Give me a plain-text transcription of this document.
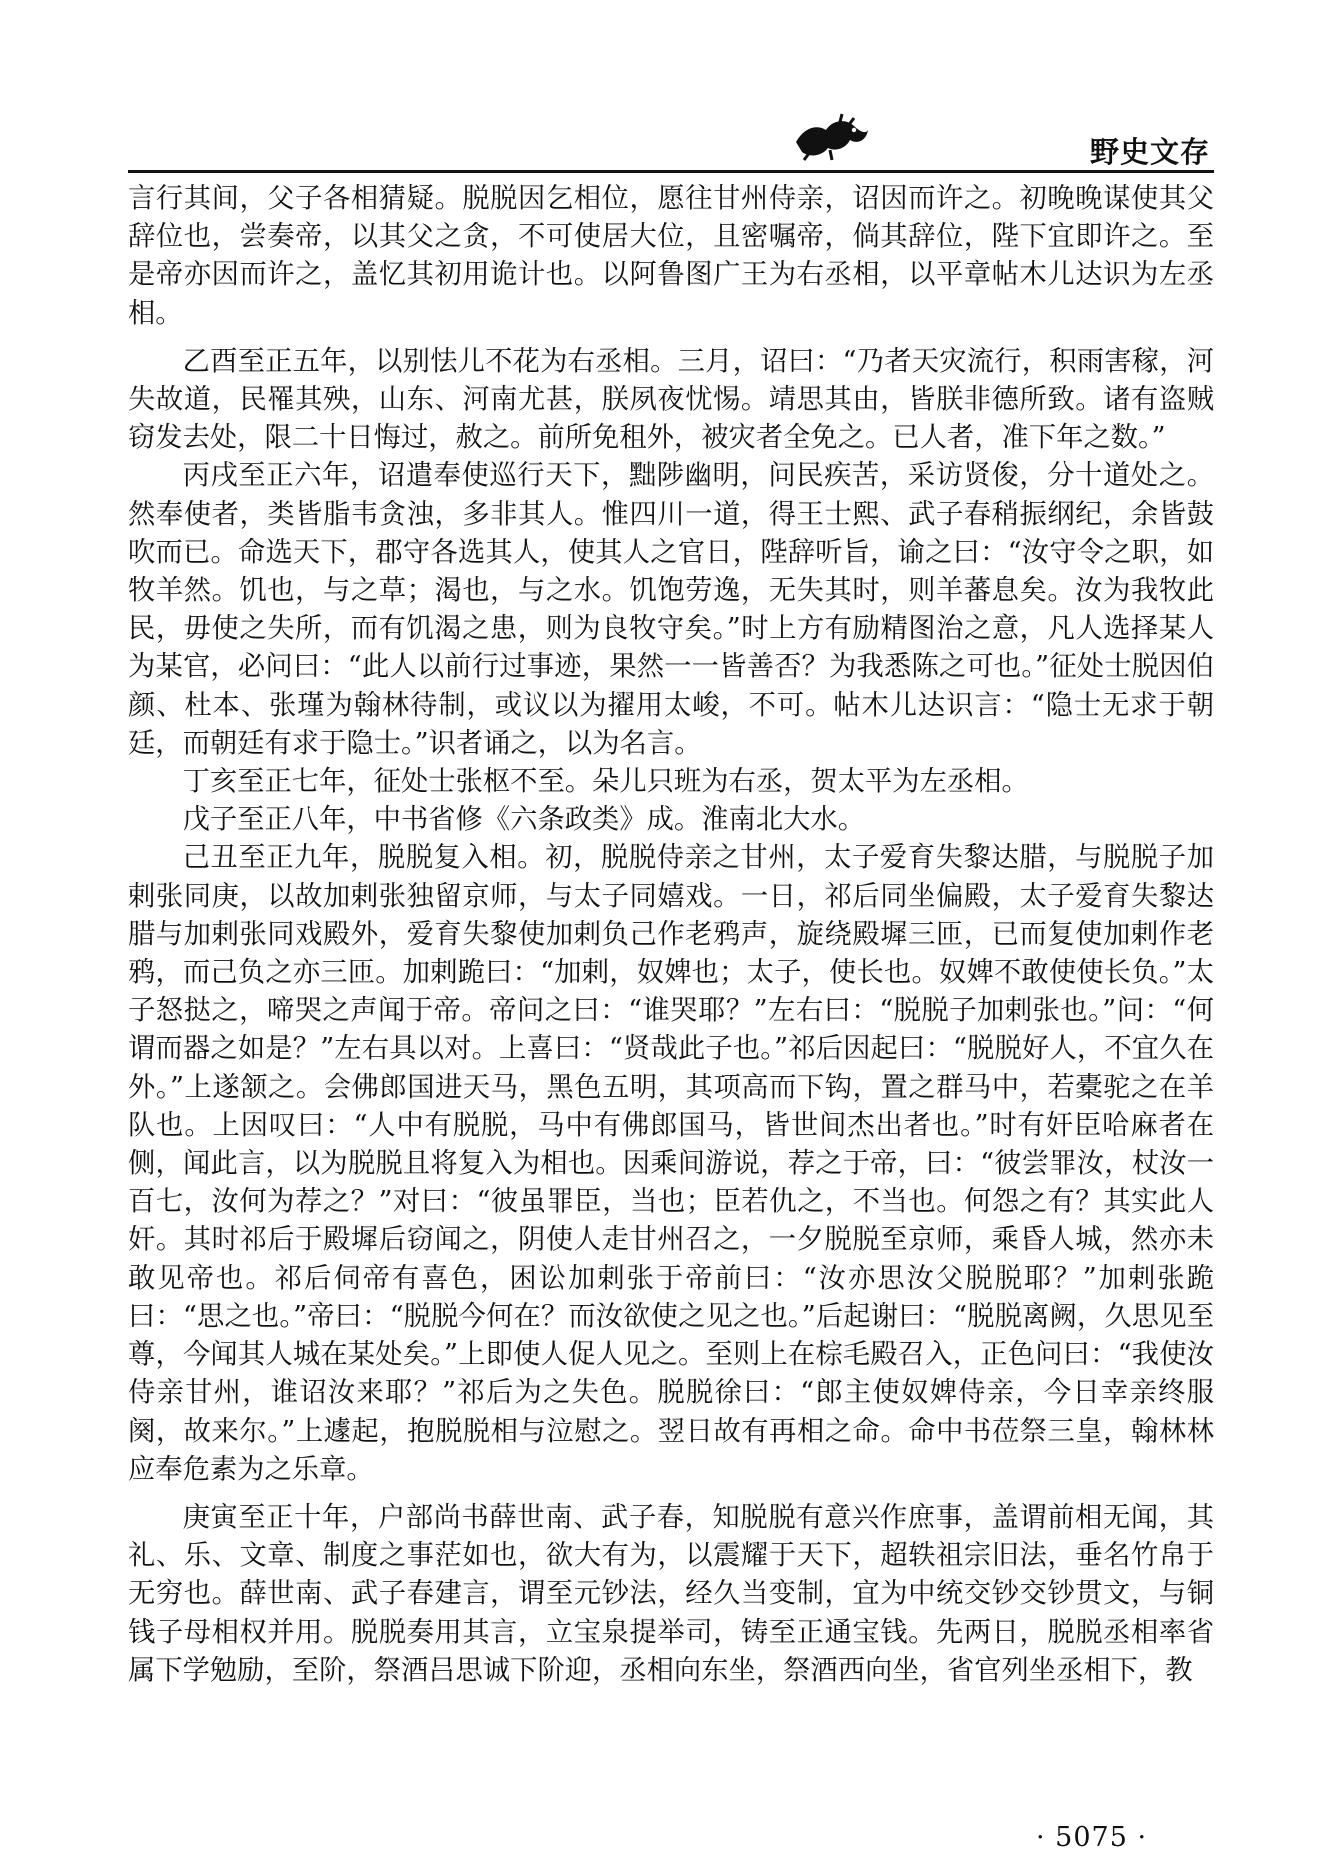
野史文存

言行其间，父子各相猜疑。脱脱因乞相位，愿往甘州侍亲，诏因而许之。初晚晚谋使其父辞位也，尝奏帝，以其父之贪，不可使居大位，且密嘱帝，倘其辞位，陛下宜即许之。至是帝亦因而许之，盖忆其初用诡计也。以阿鲁图广王为右丞相，以平章帖木儿达识为左丞相。

乙酉至正五年，以别怯儿不花为右丞相。三月，诏曰：“乃者天灾流行，积雨害稼，河失故道，民罹其殃，山东、河南尤甚，朕夙夜忧惕。靖思其由，皆朕非德所致。诸有盗贼窃发去处，限二十日悔过，赦之。前所免租外，被灾者全免之。已人者，准下年之数。”

丙戌至正六年，诏遣奉使巡行天下，黜陟幽明，问民疾苦，采访贤俊，分十道处之。然奉使者，类皆脂韦贪浊，多非其人。惟四川一道，得王士熙、武子春稍振纲纪，余皆鼓吹而已。命选天下，郡守各选其人，使其人之官日，陛辞听旨，谕之曰：“汝守令之职，如牧羊然。饥也，与之草；渴也，与之水。饥饱劳逸，无失其时，则羊蕃息矣。汝为我牧此民，毋使之失所，而有饥渴之患，则为良牧守矣。”时上方有励精图治之意，凡人选择某人为某官，必问曰：“此人以前行过事迹，果然一一皆善否？为我悉陈之可也。”征处士脱因伯颜、杜本、张瑾为翰林待制，或议以为擢用太峻，不可。帖木儿达识言：“隐士无求于朝廷，而朝廷有求于隐士。”识者诵之，以为名言。

丁亥至正七年，征处士张枢不至。朵儿只班为右丞，贺太平为左丞相。

戊子至正八年，中书省修《六条政类》成。淮南北大水。

己丑至正九年，脱脱复入相。初，脱脱侍亲之甘州，太子爱育失黎达腊，与脱脱子加剌张同庚，以故加剌张独留京师，与太子同嬉戏。一日，祁后同坐偏殿，太子爱育失黎达腊与加剌张同戏殿外，爱育失黎使加剌负己作老鸦声，旋绕殿墀三匝，已而复使加剌作老鸦，而己负之亦三匝。加剌跪曰：“加剌，奴婢也；太子，使长也。奴婢不敢使使长负。”太子怒挞之，啼哭之声闻于帝。帝问之曰：“谁哭耶？”左右曰：“脱脱子加剌张也。”问：“何谓而器之如是？”左右具以对。上喜曰：“贤哉此子也。”祁后因起曰：“脱脱好人，不宜久在外。”上遂颔之。会佛郎国进天马，黑色五明，其项高而下钩，置之群马中，若橐驼之在羊队也。上因叹曰：“人中有脱脱，马中有佛郎国马，皆世间杰出者也。”时有奸臣哈麻者在侧，闻此言，以为脱脱且将复入为相也。因乘间游说，荐之于帝，曰：“彼尝罪汝，杖汝一百七，汝何为荐之？”对曰：“彼虽罪臣，当也；臣若仇之，不当也。何怨之有？其实此人奸。其时祁后于殿墀后窃闻之，阴使人走甘州召之，一夕脱脱至京师，乘昏人城，然亦未敢见帝也。祁后伺帝有喜色，困讼加剌张于帝前曰：“汝亦思汝父脱脱耶？”加剌张跪曰：“思之也。”帝曰：“脱脱今何在？而汝欲使之见之也。”后起谢曰：“脱脱离阙，久思见至尊，今闻其人城在某处矣。”上即使人促人见之。至则上在棕毛殿召入，正色问曰：“我使汝侍亲甘州，谁诏汝来耶？”祁后为之失色。脱脱徐曰：“郎主使奴婢侍亲，今日幸亲终服阕，故来尔。”上遽起，抱脱脱相与泣慰之。翌日故有再相之命。命中书莅祭三皇，翰林林应奉危素为之乐章。

庚寅至正十年，户部尚书薛世南、武子春，知脱脱有意兴作庶事，盖谓前相无闻，其礼、乐、文章、制度之事茫如也，欲大有为，以震耀于天下，超轶祖宗旧法，垂名竹帛于无穷也。薛世南、武子春建言，谓至元钞法，经久当变制，宜为中统交钞交钞贯文，与铜钱子母相权并用。脱脱奏用其言，立宝泉提举司，铸至正通宝钱。先两日，脱脱丞相率省属下学勉励，至阶，祭酒吕思诚下阶迎，丞相向东坐，祭酒西向坐，省官列坐丞相下，教

· 5075 ·
